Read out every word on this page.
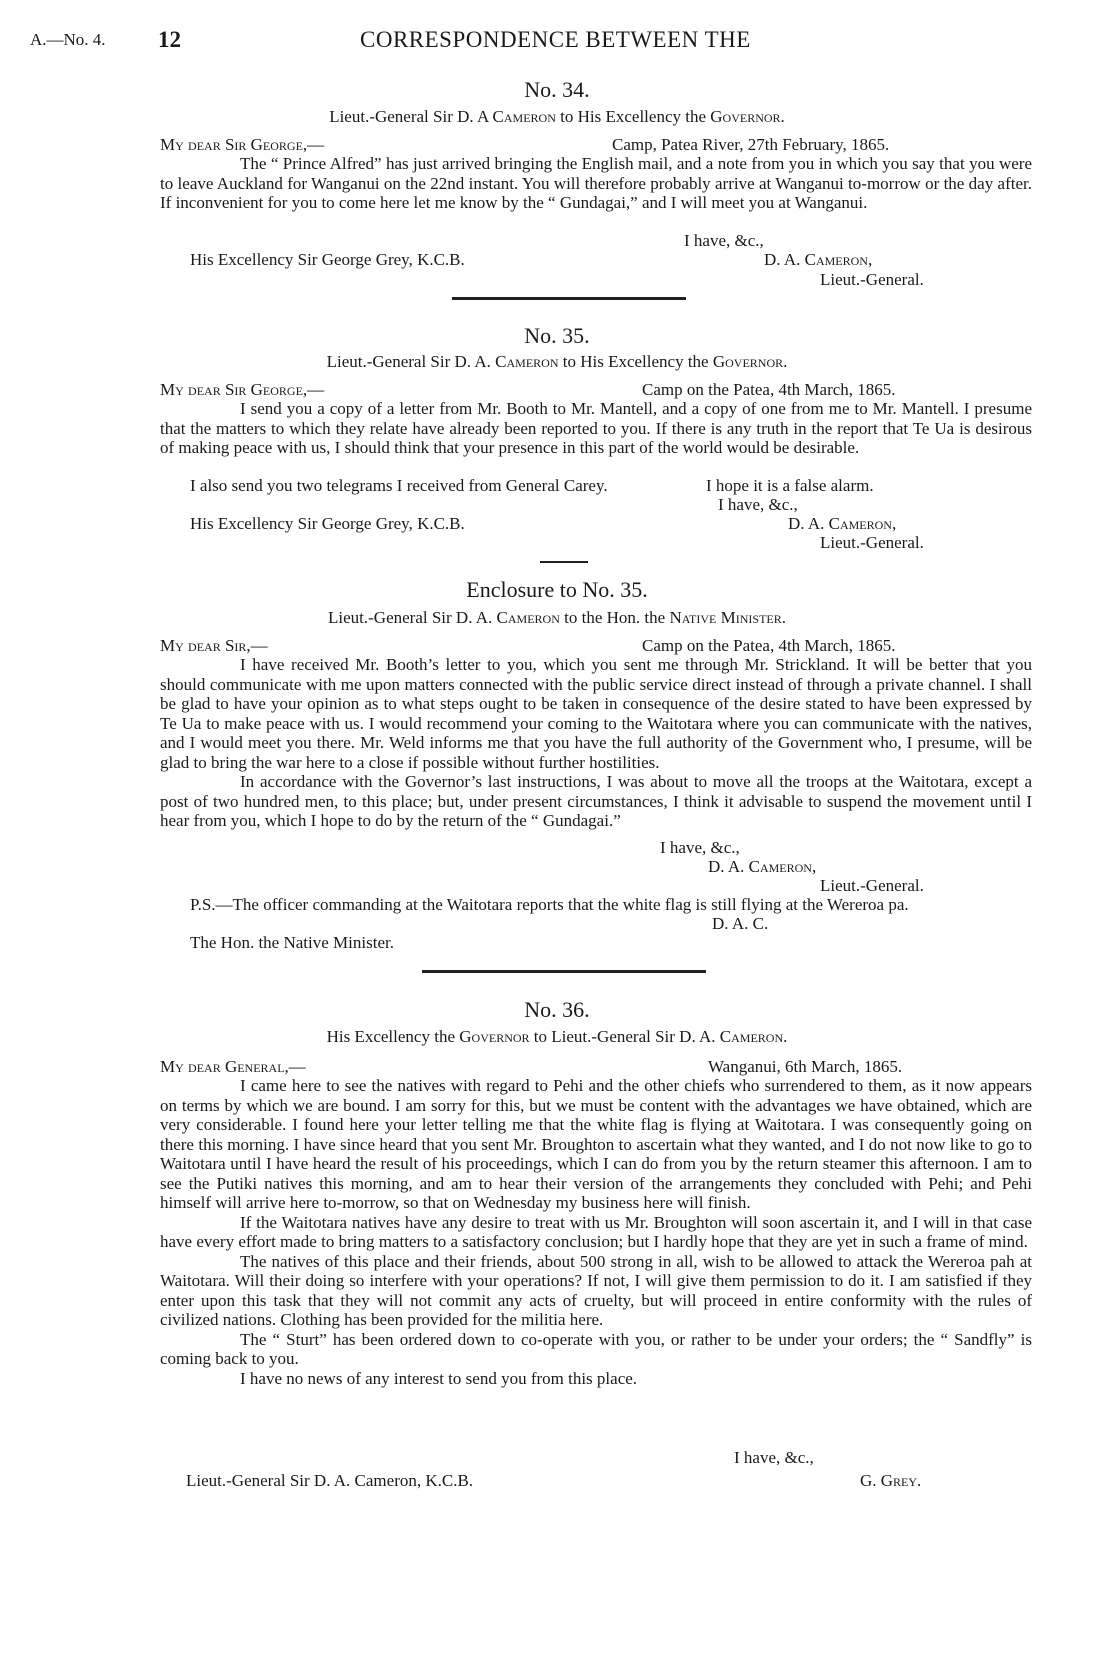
A.—No. 4. 12	CORRESPONDENCE BETWEEN THE
No. 34.
Lieut.-General Sir D. A Cameron to His Excellency the Governor.
My dear Sir George,—	Camp, Patea River, 27th February, 1865.

The “ Prince Alfred” has just arrived bringing the English mail, and a note from you in which you say that you were to leave Auckland for Wanganui on the 22nd instant. You will therefore probably arrive at Wanganui to-morrow or the day after. If inconvenient for you to come here let me know by the “ Gundagai,” and I will meet you at Wanganui.

I have, &c.,
His Excellency Sir George Grey, K.C.B.	D. A. Cameron,
Lieut.-General.
No. 35.
Lieut.-General Sir D. A. Cameron to His Excellency the Governor.
My dear Sir George,—	Camp on the Patea, 4th March, 1865.

I send you a copy of a letter from Mr. Booth to Mr. Mantell, and a copy of one from me to Mr. Mantell. I presume that the matters to which they relate have already been reported to you. If there is any truth in the report that Te Ua is desirous of making peace with us, I should think that your presence in this part of the world would be desirable.

I also send you two telegrams I received from General Carey.	I hope it is a false alarm.
I have, &c.,
His Excellency Sir George Grey, K.C.B.	D. A. Cameron,
Lieut.-General.
Enclosure to No. 35.
Lieut.-General Sir D. A. Cameron to the Hon. the Native Minister.
My dear Sir,—	Camp on the Patea, 4th March, 1865.

I have received Mr. Booth’s letter to you, which you sent me through Mr. Strickland. It will be better that you should communicate with me upon matters connected with the public service direct instead of through a private channel. I shall be glad to have your opinion as to what steps ought to be taken in consequence of the desire stated to have been expressed by Te Ua to make peace with us. I would recommend your coming to the Waitotara where you can communicate with the natives, and I would meet you there. Mr. Weld informs me that you have the full authority of the Government who, I presume, will be glad to bring the war here to a close if possible without further hostilities.

In accordance with the Governor’s last instructions, I was about to move all the troops at the Waitotara, except a post of two hundred men, to this place; but, under present circumstances, I think it advisable to suspend the movement until I hear from you, which I hope to do by the return of the “ Gundagai.”

I have, &c.,
D. A. Cameron,
Lieut.-General.

P.S.—The officer commanding at the Waitotara reports that the white flag is still flying at the Wereroa pa.

D. A. C.
The Hon. the Native Minister.
No. 36.
His Excellency the Governor to Lieut.-General Sir D. A. Cameron.
My dear General,—	Wanganui, 6th March, 1865.

I came here to see the natives with regard to Pehi and the other chiefs who surrendered to them, as it now appears on terms by which we are bound. I am sorry for this, but we must be content with the advantages we have obtained, which are very considerable. I found here your letter telling me that the white flag is flying at Waitotara. I was consequently going on there this morning. I have since heard that you sent Mr. Broughton to ascertain what they wanted, and I do not now like to go to Waitotara until I have heard the result of his proceedings, which I can do from you by the return steamer this afternoon. I am to see the Putiki natives this morning, and am to hear their version of the arrangements they concluded with Pehi; and Pehi himself will arrive here to-morrow, so that on Wednesday my business here will finish.

If the Waitotara natives have any desire to treat with us Mr. Broughton will soon ascertain it, and I will in that case have every effort made to bring matters to a satisfactory conclusion; but I hardly hope that they are yet in such a frame of mind.

The natives of this place and their friends, about 500 strong in all, wish to be allowed to attack the Wereroa pah at Waitotara. Will their doing so interfere with your operations? If not, I will give them permission to do it. I am satisfied if they enter upon this task that they will not commit any acts of cruelty, but will proceed in entire conformity with the rules of civilized nations. Clothing has been provided for the militia here.

The “ Sturt” has been ordered down to co-operate with you, or rather to be under your orders; the “ Sandfly” is coming back to you.

I have no news of any interest to send you from this place.

I have, &c.,
Lieut.-General Sir D. A. Cameron, K.C.B.	G. Grey.
